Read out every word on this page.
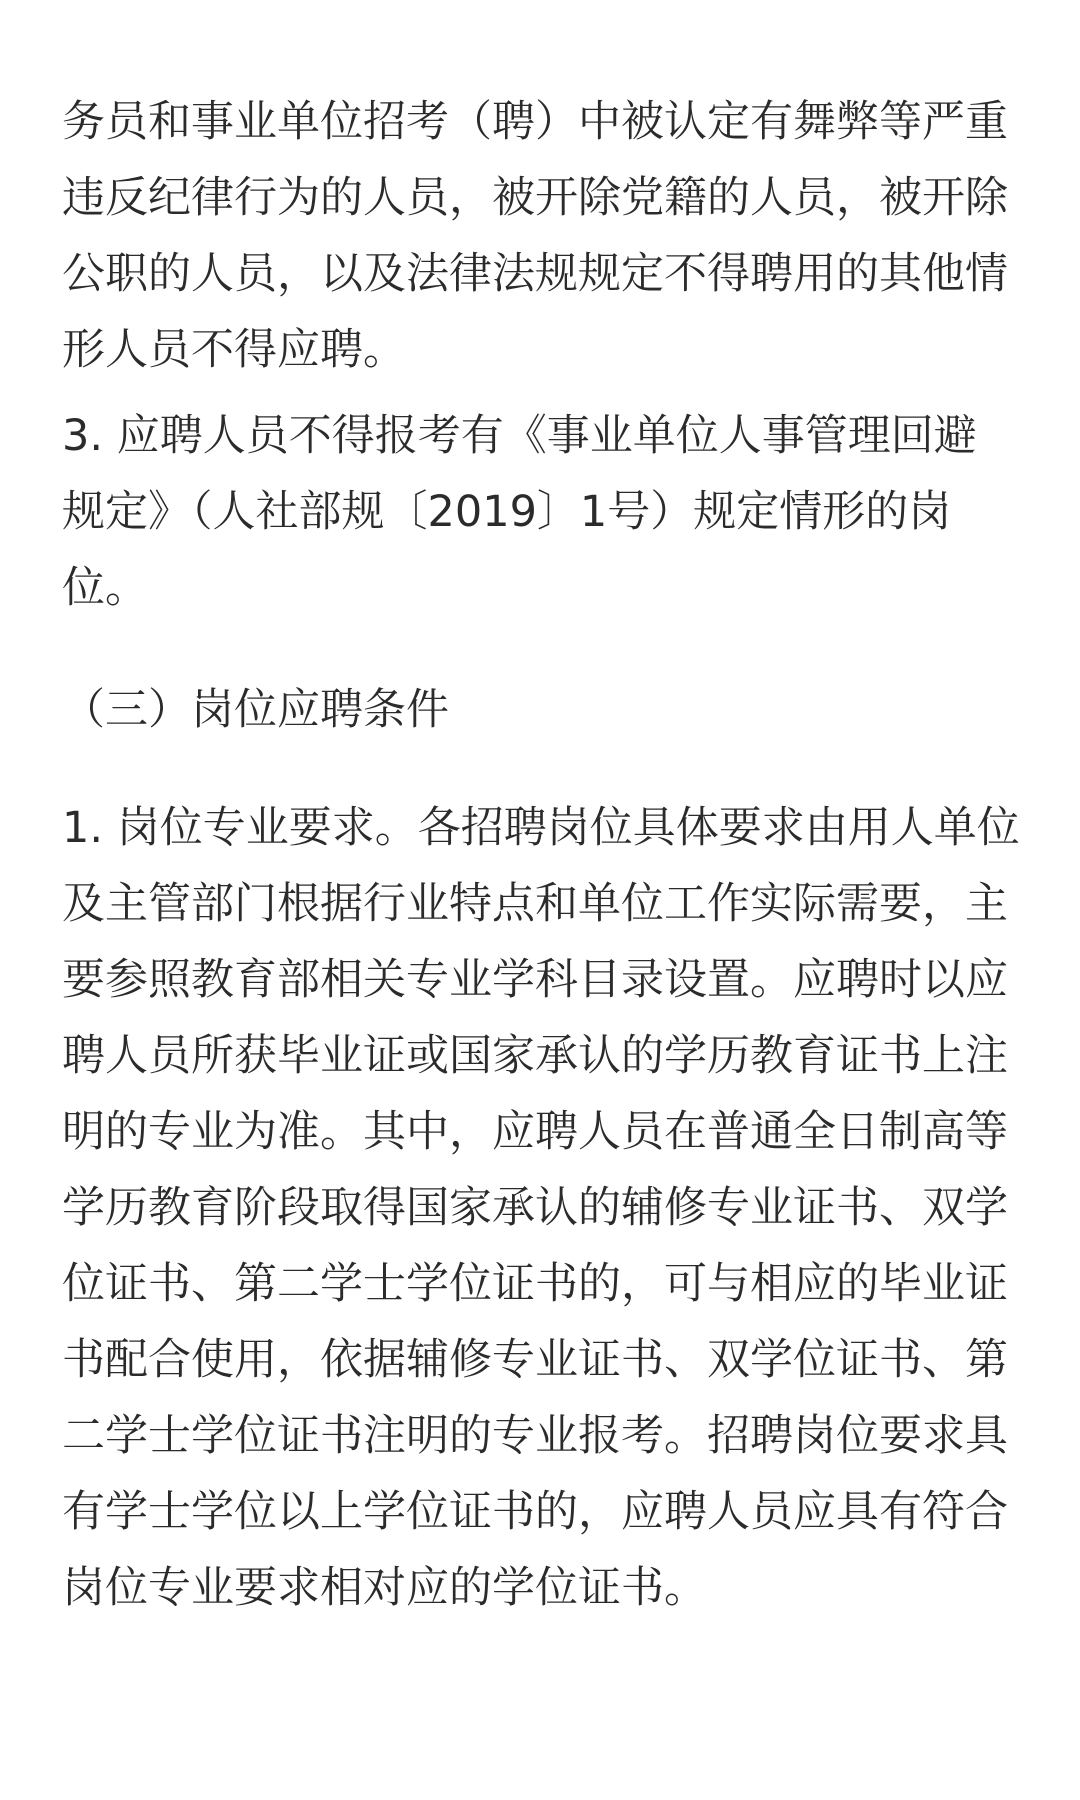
务员和事业单位招考（聘）中被认定有舞弊等严重
违反纪律行为的人员，被开除党籍的人员，被开除
公职的人员，以及法律法规规定不得聘用的其他情
形人员不得应聘。
3. 应聘人员不得报考有《事业单位人事管理回避
规定》（人社部规〔2019〕1号）规定情形的岗
位。
（三）岗位应聘条件
1. 岗位专业要求。各招聘岗位具体要求由用人单位
及主管部门根据行业特点和单位工作实际需要，主
要参照教育部相关专业学科目录设置。应聘时以应
聘人员所获毕业证或国家承认的学历教育证书上注
明的专业为准。其中，应聘人员在普通全日制高等
学历教育阶段取得国家承认的辅修专业证书、双学
位证书、第二学士学位证书的，可与相应的毕业证
书配合使用，依据辅修专业证书、双学位证书、第
二学士学位证书注明的专业报考。招聘岗位要求具
有学士学位以上学位证书的，应聘人员应具有符合
岗位专业要求相对应的学位证书。
